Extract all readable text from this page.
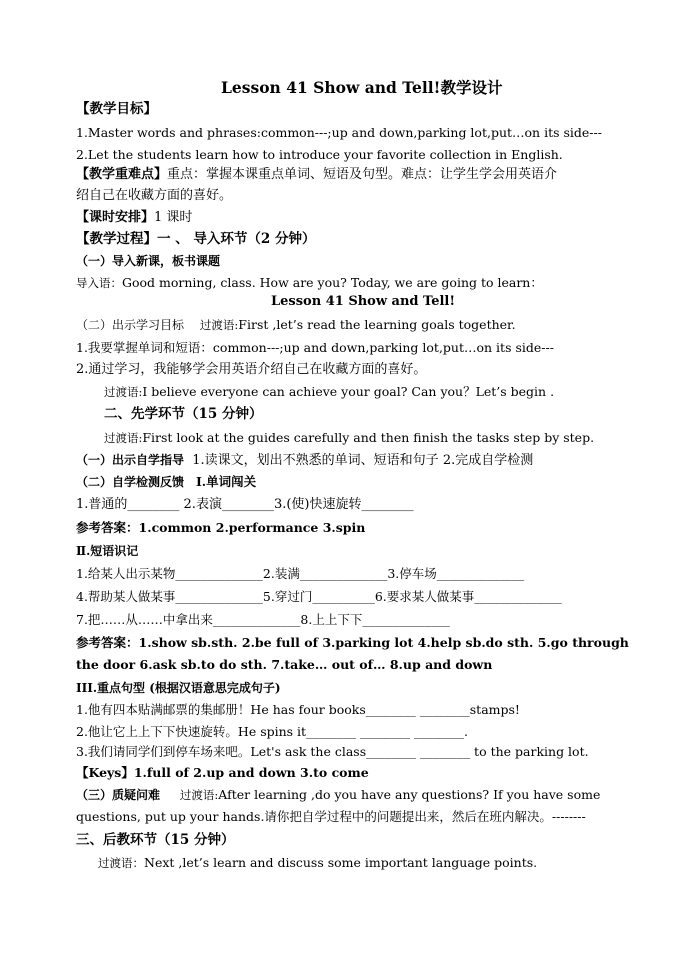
Lesson 41 Show and Tell!教学设计
【教学目标】
1.Master words and phrases:common---;up and down,parking lot,put…on its side---
2.Let the students learn how to introduce your favorite collection in English.
【教学重难点】重点：掌握本课重点单词、短语及句型。难点：让学生学会用英语介
绍自己在收藏方面的喜好。
【课时安排】1 课时
【教学过程】一 、 导入环节（2 分钟）
（一）导入新课，板书课题
导入语：Good morning, class. How are you? Today, we are going to learn：
Lesson 41 Show and Tell!
（二）出示学习目标 过渡语:First ,let’s read the learning goals together.
1.我要掌握单词和短语：common---;up and down,parking lot,put…on its side---
2.通过学习，我能够学会用英语介绍自己在收藏方面的喜好。
过渡语:I believe everyone can achieve your goal? Can you？Let’s begin .
二、先学环节（15 分钟）
过渡语:First look at the guides carefully and then finish the tasks step by step.
（一）出示自学指导 1.读课文，划出不熟悉的单词、短语和句子 2.完成自学检测
（二）自学检测反馈 Ⅰ.单词闯关
1.普通的________ 2.表演________3.(使)快速旋转________
参考答案：1.common 2.performance 3.spin
Ⅱ.短语识记
1.给某人出示某物______________2.装满______________3.停车场______________
4.帮助某人做某事______________5.穿过门__________6.要求某人做某事______________
7.把……从……中拿出来______________8.上上下下______________
参考答案：1.show sb.sth. 2.be full of 3.parking lot 4.help sb.do sth. 5.go through
the door 6.ask sb.to do sth. 7.take… out of… 8.up and down
III.重点句型 (根据汉语意思完成句子)
1.他有四本贴满邮票的集邮册！He has four books________ ________stamps!
2.他让它上上下下快速旋转。He spins it________ ________ ________.
3.我们请同学们到停车场来吧。Let's ask the class________ ________ to the parking lot.
【Keys】1.full of 2.up and down 3.to come
（三）质疑问难 过渡语:After learning ,do you have any questions? If you have some
questions, put up your hands.请你把自学过程中的问题提出来，然后在班内解决。--------
三、后教环节（15 分钟）
过渡语：Next ,let’s learn and discuss some important language points.
